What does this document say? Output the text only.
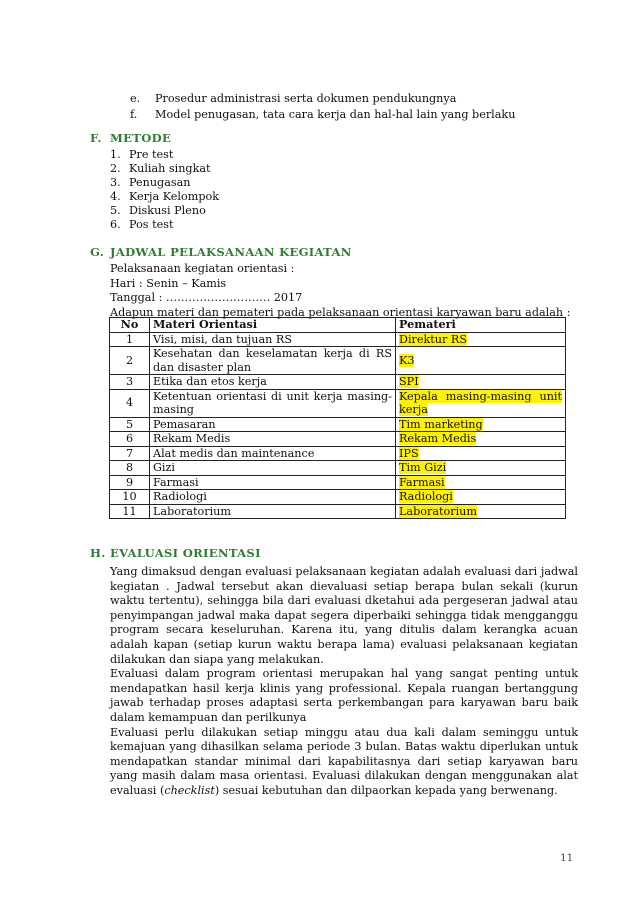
e. Prosedur administrasi serta dokumen pendukungnya
f. Model penugasan, tata cara kerja dan hal-hal lain yang berlaku
F. METODE
1. Pre test
2. Kuliah singkat
3. Penugasan
4. Kerja Kelompok
5. Diskusi Pleno
6. Pos test
G. JADWAL PELAKSANAAN KEGIATAN
Pelaksanaan kegiatan orientasi :
Hari : Senin – Kamis
Tanggal : ………………………. 2017
Adapun materi dan pemateri pada pelaksanaan orientasi karyawan baru adalah :
No	Materi Orientasi	Pemateri
1	Visi, misi, dan tujuan RS	Direktur RS
2	Kesehatan dan keselamatan kerja di RS dan disaster plan	K3
3	Etika dan etos kerja	SPI
4	Ketentuan orientasi di unit kerja masing-masing	Kepala masing-masing unit kerja
5	Pemasaran	Tim marketing
6	Rekam Medis	Rekam Medis
7	Alat medis dan maintenance	IPS
8	Gizi	Tim Gizi
9	Farmasi	Farmasi
10	Radiologi	Radiologi
11	Laboratorium	Laboratorium
H. EVALUASI ORIENTASI

Yang dimaksud dengan evaluasi pelaksanaan kegiatan adalah evaluasi dari jadwal kegiatan . Jadwal tersebut akan dievaluasi setiap berapa bulan sekali (kurun waktu tertentu), sehingga bila dari evaluasi dketahui ada pergeseran jadwal atau penyimpangan jadwal maka dapat segera diperbaiki sehingga tidak mengganggu program secara keseluruhan. Karena itu, yang ditulis dalam kerangka acuan adalah kapan (setiap kurun waktu berapa lama) evaluasi pelaksanaan kegiatan dilakukan dan siapa yang melakukan.

Evaluasi dalam program orientasi merupakan hal yang sangat penting untuk mendapatkan hasil kerja klinis yang professional. Kepala ruangan bertanggung jawab terhadap proses adaptasi serta perkembangan para karyawan baru baik dalam kemampuan dan perilkunya

Evaluasi perlu dilakukan setiap minggu atau dua kali dalam seminggu untuk kemajuan yang dihasilkan selama periode 3 bulan. Batas waktu diperlukan untuk mendapatkan standar minimal dari kapabilitasnya dari setiap karyawan baru yang masih dalam masa orientasi. Evaluasi dilakukan dengan menggunakan alat evaluasi (checklist) sesuai kebutuhan dan dilpaorkan kepada yang berwenang.

11
